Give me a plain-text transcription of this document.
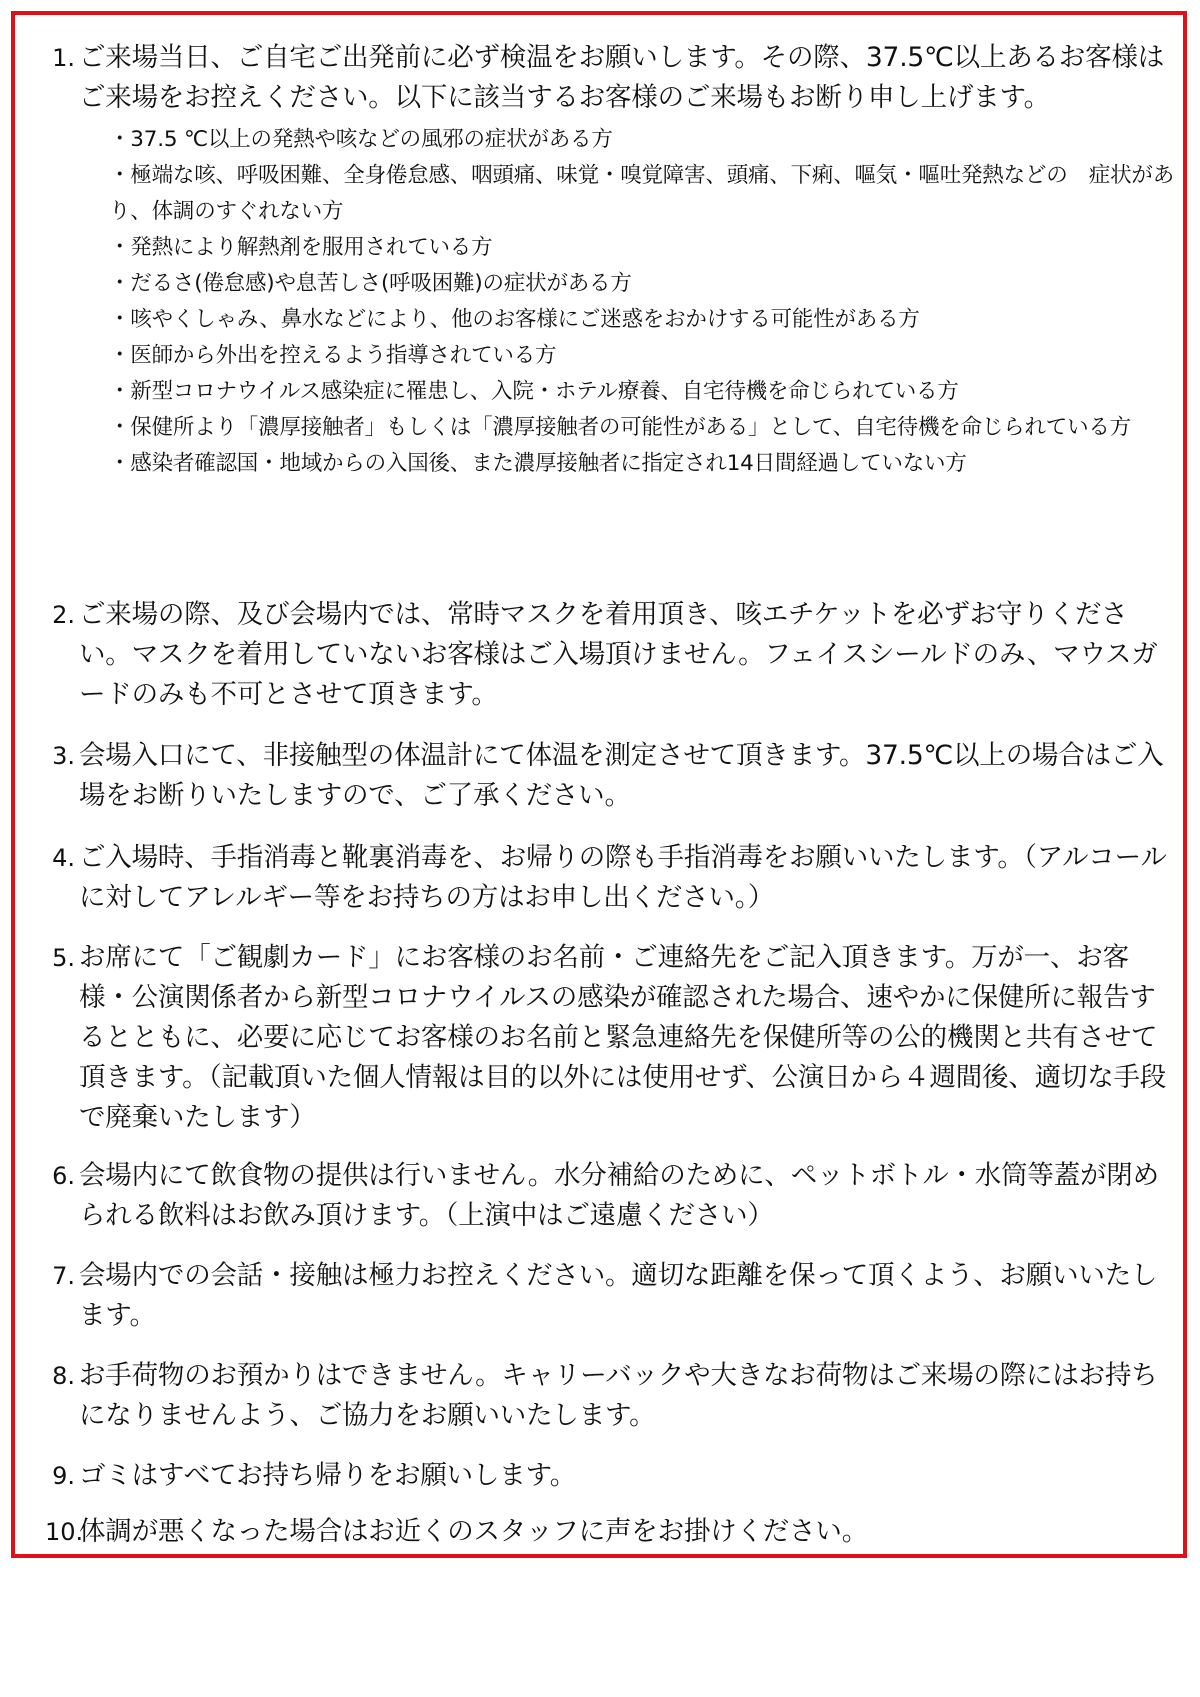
1. ご来場当日、ご自宅ご出発前に必ず検温をお願いします。その際、37.5℃以上あるお客様はご来場をお控えください。以下に該当するお客様のご来場もお断り申し上げます。
・37.5 ℃以上の発熱や咳などの風邪の症状がある方
・極端な咳、呼吸困難、全身倦怠感、咽頭痛、味覚・嗅覚障害、頭痛、下痢、嘔気・嘔吐発熱などの　症状があり、体調のすぐれない方
・発熱により解熱剤を服用されている方
・だるさ(倦怠感)や息苦しさ(呼吸困難)の症状がある方
・咳やくしゃみ、鼻水などにより、他のお客様にご迷惑をおかけする可能性がある方
・医師から外出を控えるよう指導されている方
・新型コロナウイルス感染症に罹患し、入院・ホテル療養、自宅待機を命じられている方
・保健所より「濃厚接触者」もしくは「濃厚接触者の可能性がある」として、自宅待機を命じられている方
・感染者確認国・地域からの入国後、また濃厚接触者に指定され14日間経過していない方
2. ご来場の際、及び会場内では、常時マスクを着用頂き、咳エチケットを必ずお守りください。マスクを着用していないお客様はご入場頂けません。フェイスシールドのみ、マウスガードのみも不可とさせて頂きます。
3. 会場入口にて、非接触型の体温計にて体温を測定させて頂きます。37.5℃以上の場合はご入場をお断りいたしますので、ご了承ください。
4. ご入場時、手指消毒と靴裏消毒を、お帰りの際も手指消毒をお願いいたします。（アルコールに対してアレルギー等をお持ちの方はお申し出ください。）
5. お席にて「ご観劇カード」にお客様のお名前・ご連絡先をご記入頂きます。万が一、お客様・公演関係者から新型コロナウイルスの感染が確認された場合、速やかに保健所に報告するとともに、必要に応じてお客様のお名前と緊急連絡先を保健所等の公的機関と共有させて頂きます。（記載頂いた個人情報は目的以外には使用せず、公演日から４週間後、適切な手段で廃棄いたします）
6. 会場内にて飲食物の提供は行いません。水分補給のために、ペットボトル・水筒等蓋が閉められる飲料はお飲み頂けます。（上演中はご遠慮ください）
7. 会場内での会話・接触は極力お控えください。適切な距離を保って頂くよう、お願いいたします。
8. お手荷物のお預かりはできません。キャリーバックや大きなお荷物はご来場の際にはお持ちになりませんよう、ご協力をお願いいたします。
9. ゴミはすべてお持ち帰りをお願いします。
10.
体調が悪くなった場合はお近くのスタッフに声をお掛けください。
